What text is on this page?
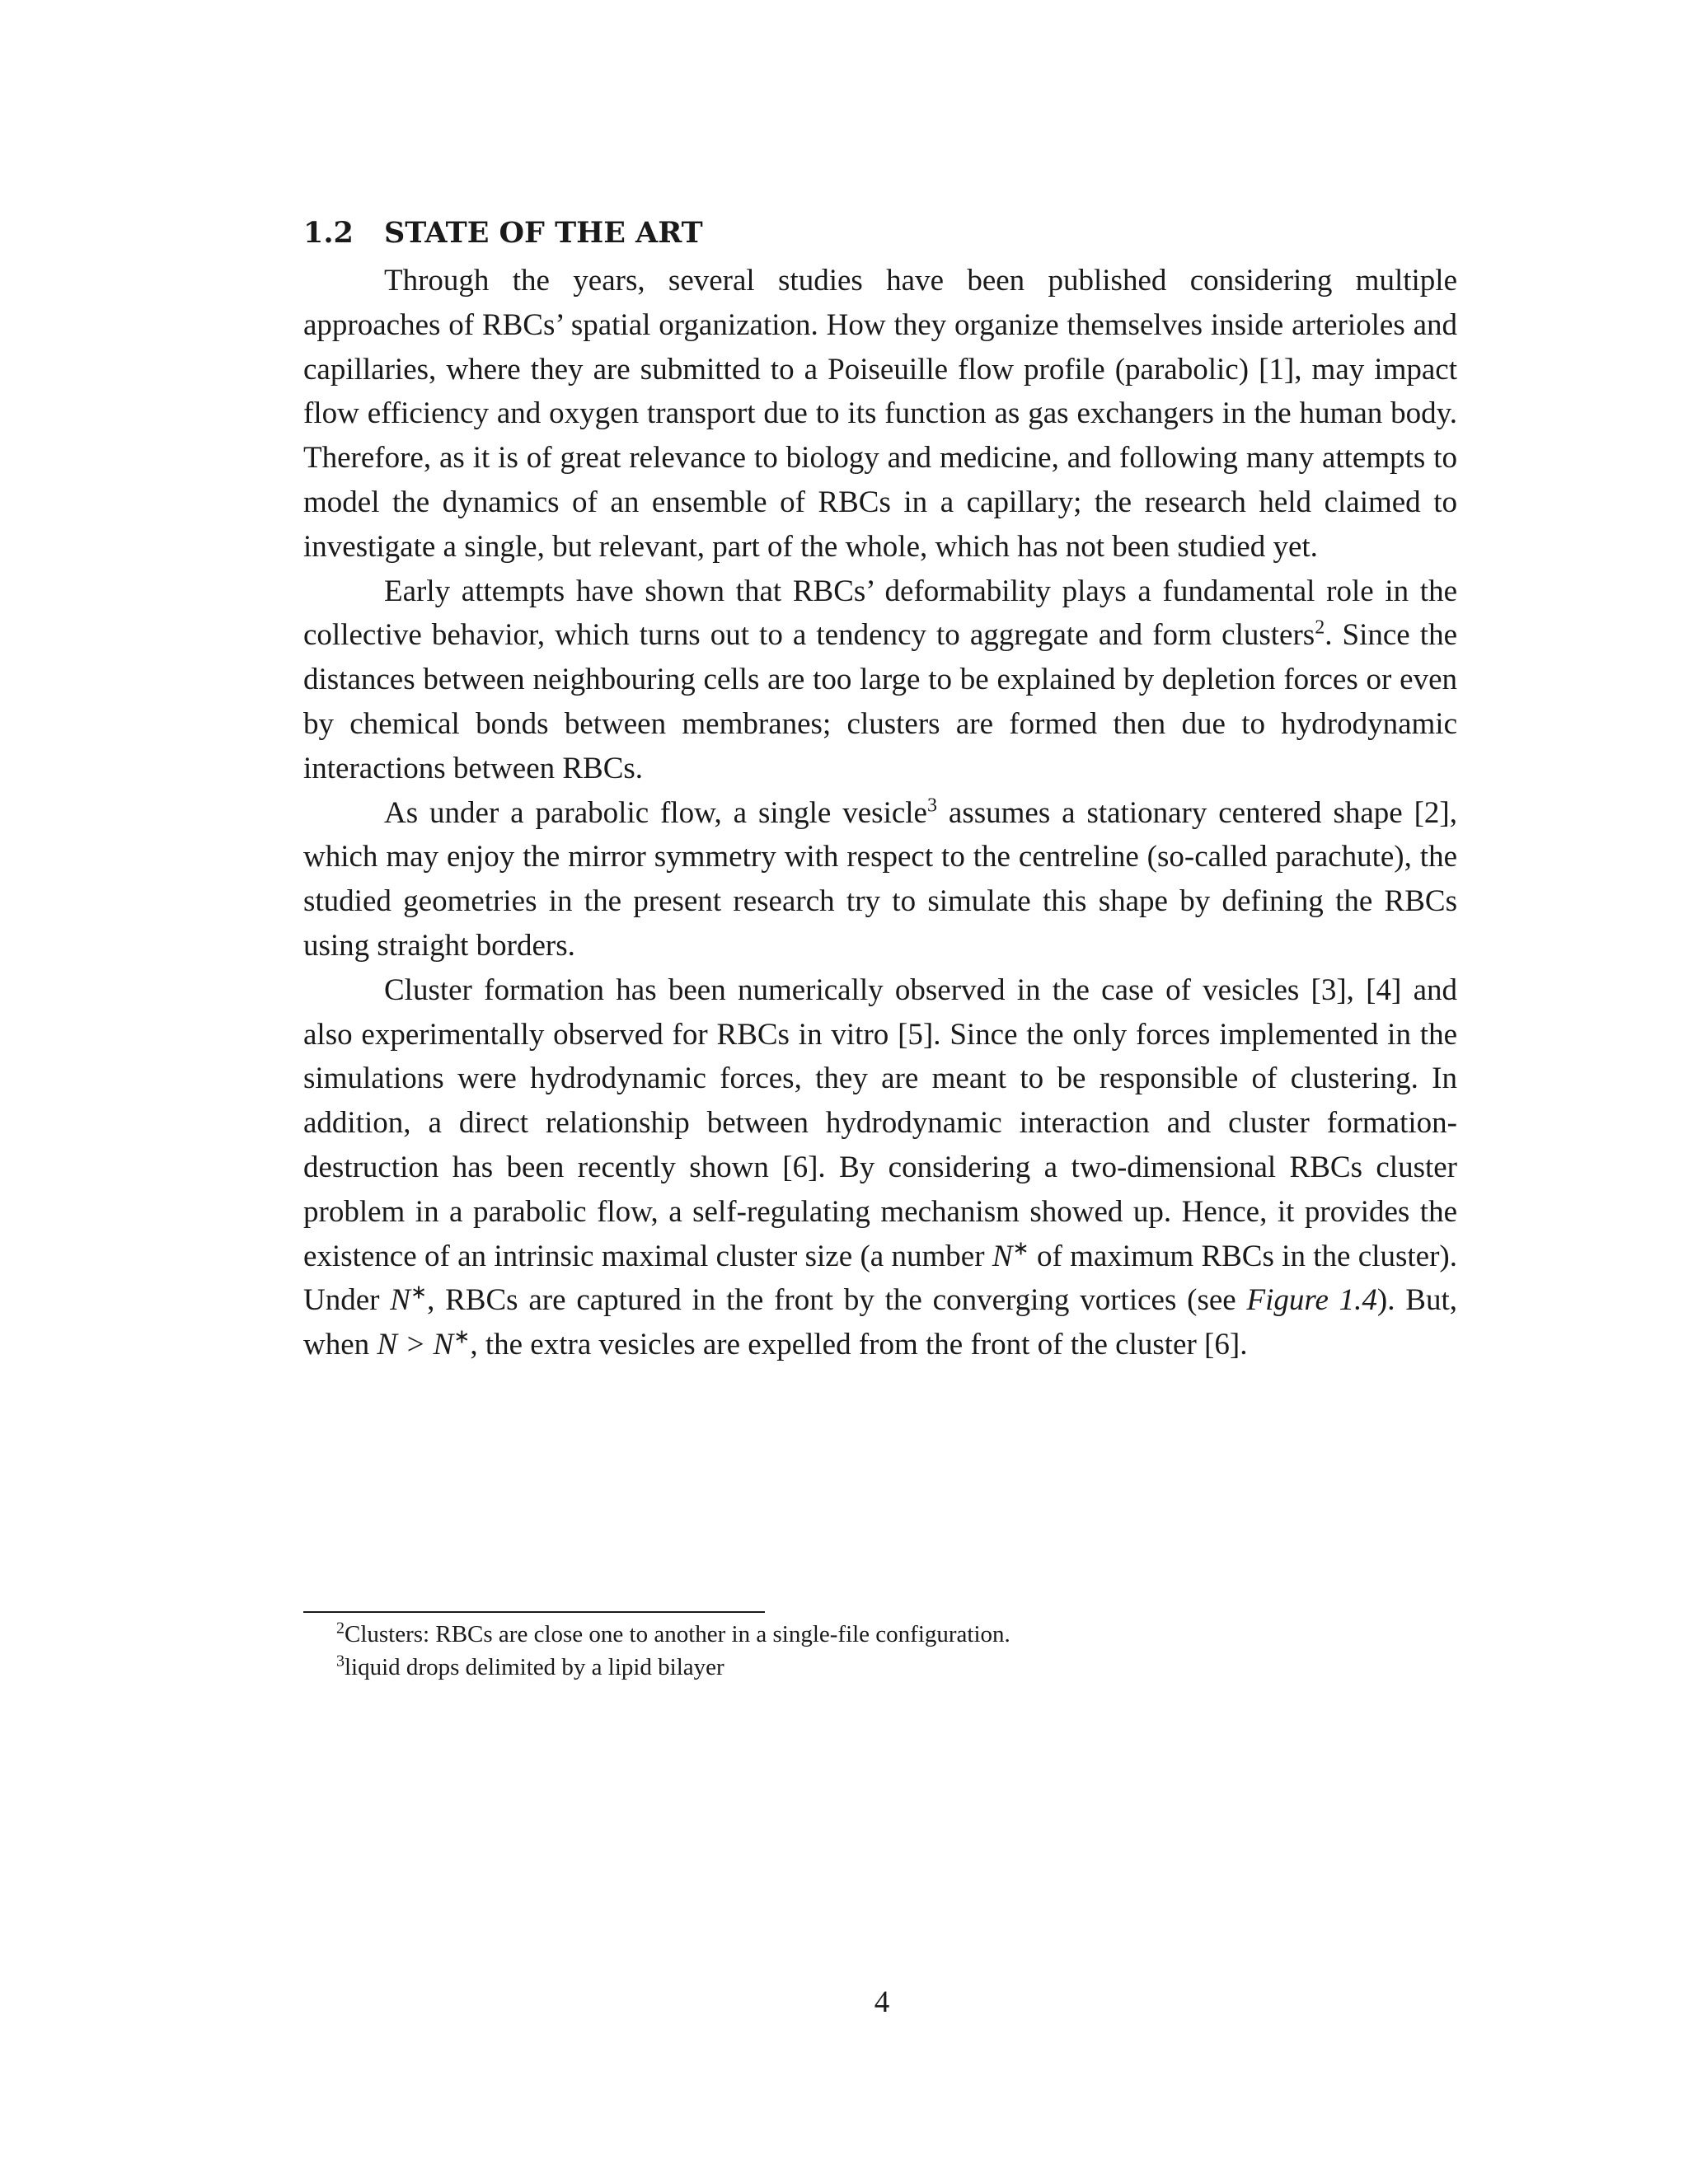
1.2 STATE OF THE ART

Through the years, several studies have been published considering multiple approaches of RBCs’ spatial organization. How they organize themselves inside arterioles and capillaries, where they are submitted to a Poiseuille flow profile (parabolic) [1], may impact flow efficiency and oxygen transport due to its function as gas exchangers in the human body. Therefore, as it is of great relevance to biology and medicine, and following many attempts to model the dynamics of an ensemble of RBCs in a capillary; the research held claimed to investigate a single, but relevant, part of the whole, which has not been studied yet.

Early attempts have shown that RBCs’ deformability plays a fundamental role in the collective behavior, which turns out to a tendency to aggregate and form clusters$^2$. Since the distances between neighbouring cells are too large to be explained by depletion forces or even by chemical bonds between membranes; clusters are formed then due to hydrodynamic interactions between RBCs.

As under a parabolic flow, a single vesicle$^3$ assumes a stationary centered shape [2], which may enjoy the mirror symmetry with respect to the centreline (so-called parachute), the studied geometries in the present research try to simulate this shape by defining the RBCs using straight borders.

Cluster formation has been numerically observed in the case of vesicles [3], [4] and also experimentally observed for RBCs in vitro [5]. Since the only forces implemented in the simulations were hydrodynamic forces, they are meant to be responsible of clustering. In addition, a direct relationship between hydrodynamic interaction and cluster formation-destruction has been recently shown [6]. By considering a two-dimensional RBCs cluster problem in a parabolic flow, a self-regulating mechanism showed up. Hence, it provides the existence of an intrinsic maximal cluster size (a number N∗ of maximum RBCs in the cluster). Under N∗, RBCs are captured in the front by the converging vortices (see Figure 1.4). But, when N > N∗, the extra vesicles are expelled from the front of the cluster [6].

$^2$Clusters: RBCs are close one to another in a single-file configuration.
$^3$liquid drops delimited by a lipid bilayer
4
